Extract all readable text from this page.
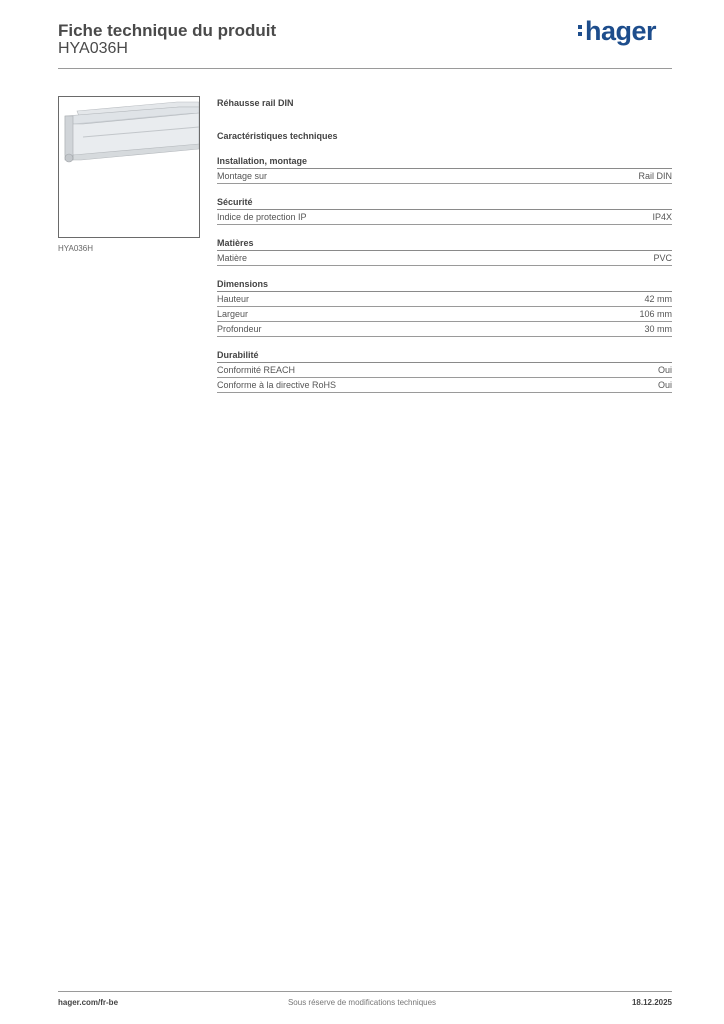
Fiche technique du produit
HYA036H
hager
HYA036H
Réhausse rail DIN
Caractéristiques techniques
Installation, montage
Montage sur	Rail DIN
Sécurité
Indice de protection IP	IP4X
Matières
Matière	PVC
Dimensions
Hauteur	42 mm
Largeur	106 mm
Profondeur	30 mm
Durabilité
Conformité REACH	Oui
Conforme à la directive RoHS	Oui
hager.com/fr-be	Sous réserve de modifications techniques	18.12.2025
